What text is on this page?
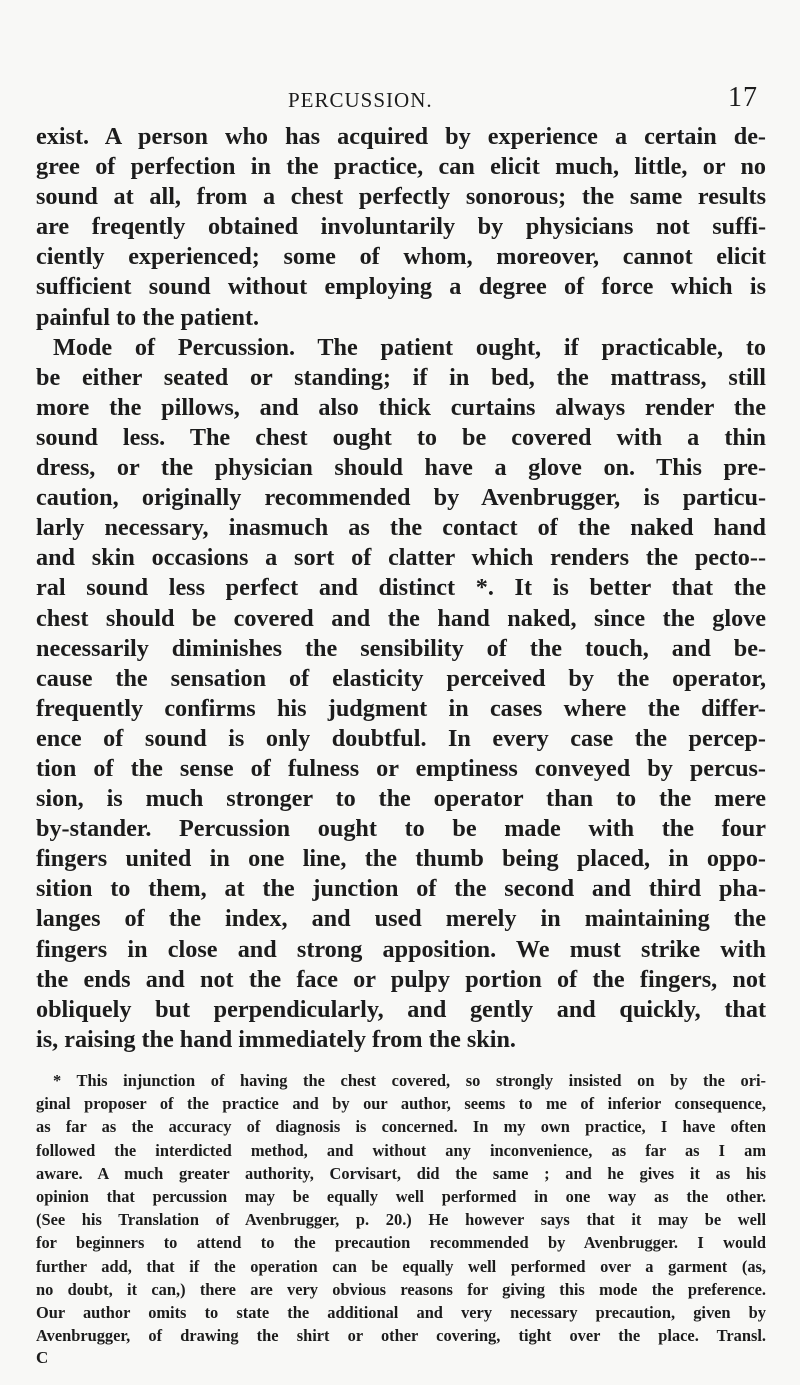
PERCUSSION.	17
exist. A person who has acquired by experience a certain de-
gree of perfection in the practice, can elicit much, little, or no
sound at all, from a chest perfectly sonorous; the same results
are freqently obtained involuntarily by physicians not suffi-
ciently experienced; some of whom, moreover, cannot elicit
sufficient sound without employing a degree of force which is
painful to the patient.
Mode of Percussion. The patient ought, if practicable, to
be either seated or standing; if in bed, the mattrass, still
more the pillows, and also thick curtains always render the
sound less. The chest ought to be covered with a thin
dress, or the physician should have a glove on. This pre-
caution, originally recommended by Avenbrugger, is particu-
larly necessary, inasmuch as the contact of the naked hand
and skin occasions a sort of clatter which renders the pecto--
ral sound less perfect and distinct *. It is better that the
chest should be covered and the hand naked, since the glove
necessarily diminishes the sensibility of the touch, and be-
cause the sensation of elasticity perceived by the operator,
frequently confirms his judgment in cases where the differ-
ence of sound is only doubtful. In every case the percep-
tion of the sense of fulness or emptiness conveyed by percus-
sion, is much stronger to the operator than to the mere
by-stander. Percussion ought to be made with the four
fingers united in one line, the thumb being placed, in oppo-
sition to them, at the junction of the second and third pha-
langes of the index, and used merely in maintaining the
fingers in close and strong apposition. We must strike with
the ends and not the face or pulpy portion of the fingers, not
obliquely but perpendicularly, and gently and quickly, that
is, raising the hand immediately from the skin.
* This injunction of having the chest covered, so strongly insisted on by the ori-
ginal proposer of the practice and by our author, seems to me of inferior consequence,
as far as the accuracy of diagnosis is concerned. In my own practice, I have often
followed the interdicted method, and without any inconvenience, as far as I am
aware. A much greater authority, Corvisart, did the same ; and he gives it as his
opinion that percussion may be equally well performed in one way as the other.
(See his Translation of Avenbrugger, p. 20.) He however says that it may be well
for beginners to attend to the precaution recommended by Avenbrugger. I would
further add, that if the operation can be equally well performed over a garment (as,
no doubt, it can,) there are very obvious reasons for giving this mode the preference.
Our author omits to state the additional and very necessary precaution, given by
Avenbrugger, of drawing the shirt or other covering, tight over the place. Transl.
C
